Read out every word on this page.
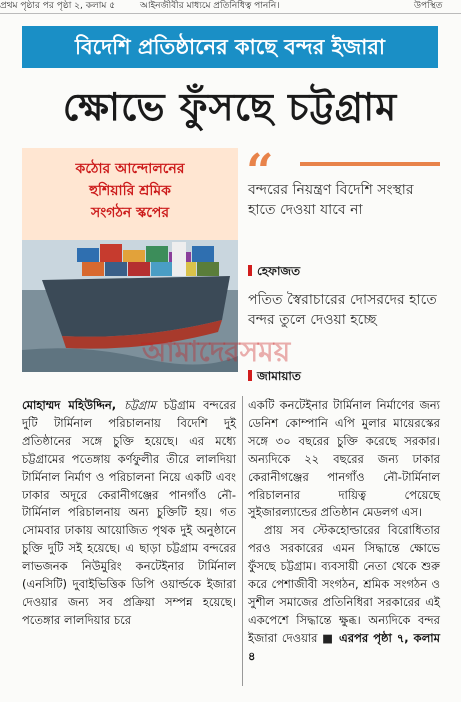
প্রথম পৃষ্ঠার পর পৃষ্ঠা ২, কলাম ৫	আইনজীবীর মাধ্যমে প্রতিনিধিত্ব পাননি।	উপস্থিত
বিদেশি প্রতিষ্ঠানের কাছে বন্দর ইজারা
ক্ষোভে ফুঁসছে চট্টগ্রাম
কঠোর আন্দোলনের
হুশিয়ারি শ্রমিক
সংগঠন স্কপের
“
বন্দরের নিয়ন্ত্রণ বিদেশি সংস্থার হাতে দেওয়া যাবে না
হেফাজত
পতিত স্বৈরাচারের দোসরদের হাতে বন্দর তুলে দেওয়া হচ্ছে
জামায়াত
আমাদেরসময়

মোহাম্মদ মহিউদ্দিন, চট্টগ্রাম চট্টগ্রাম বন্দরের দুটি টার্মিনাল পরিচালনায় বিদেশি দুই প্রতিষ্ঠানের সঙ্গে চুক্তি হয়েছে। এর মধ্যে চট্টগ্রামের পতেঙ্গায় কর্ণফুলীর তীরে লালদিয়া টার্মিনাল নির্মাণ ও পরিচালনা নিয়ে একটি এবং ঢাকার অদূরে কেরানীগঞ্জের পানগাঁও নৌ-টার্মিনাল পরিচালনায় অন্য চুক্তিটি হয়। গত সোমবার ঢাকায় আয়োজিত পৃথক দুই অনুষ্ঠানে চুক্তি দুটি সই হয়েছে। এ ছাড়া চট্টগ্রাম বন্দরের লাভজনক নিউমুরিং কনটেইনার টার্মিনাল (এনসিটি) দুবাইভিত্তিক ডিপি ওয়ার্ল্ডকে ইজারা দেওয়ার জন্য সব প্রক্রিয়া সম্পন্ন হয়েছে। পতেঙ্গার লালদিয়ার চরে

একটি কনটেইনার টার্মিনাল নির্মাণের জন্য ডেনিশ কোম্পানি এপি মুলার মায়েরস্কের সঙ্গে ৩০ বছরের চুক্তি করেছে সরকার। অন্যদিকে ২২ বছরের জন্য ঢাকার কেরানীগঞ্জের পানগাঁও নৌ-টার্মিনাল পরিচালনার দায়িত্ব পেয়েছে সুইজারল্যান্ডের প্রতিষ্ঠান মেডলগ এস।

প্রায় সব স্টেকহোল্ডারের বিরোধিতার পরও সরকারের এমন সিদ্ধান্তে ক্ষোভে ফুঁসছে চট্টগ্রাম। ব্যবসায়ী নেতা থেকে শুরু করে পেশাজীবী সংগঠন, শ্রমিক সংগঠন ও সুশীল সমাজের প্রতিনিধিরা সরকারের এই একপেশে সিদ্ধান্তে ক্ষুব্ধ। অন্যদিকে বন্দর ইজারা দেওয়ার ■ এরপর পৃষ্ঠা ৭, কলাম ৪
